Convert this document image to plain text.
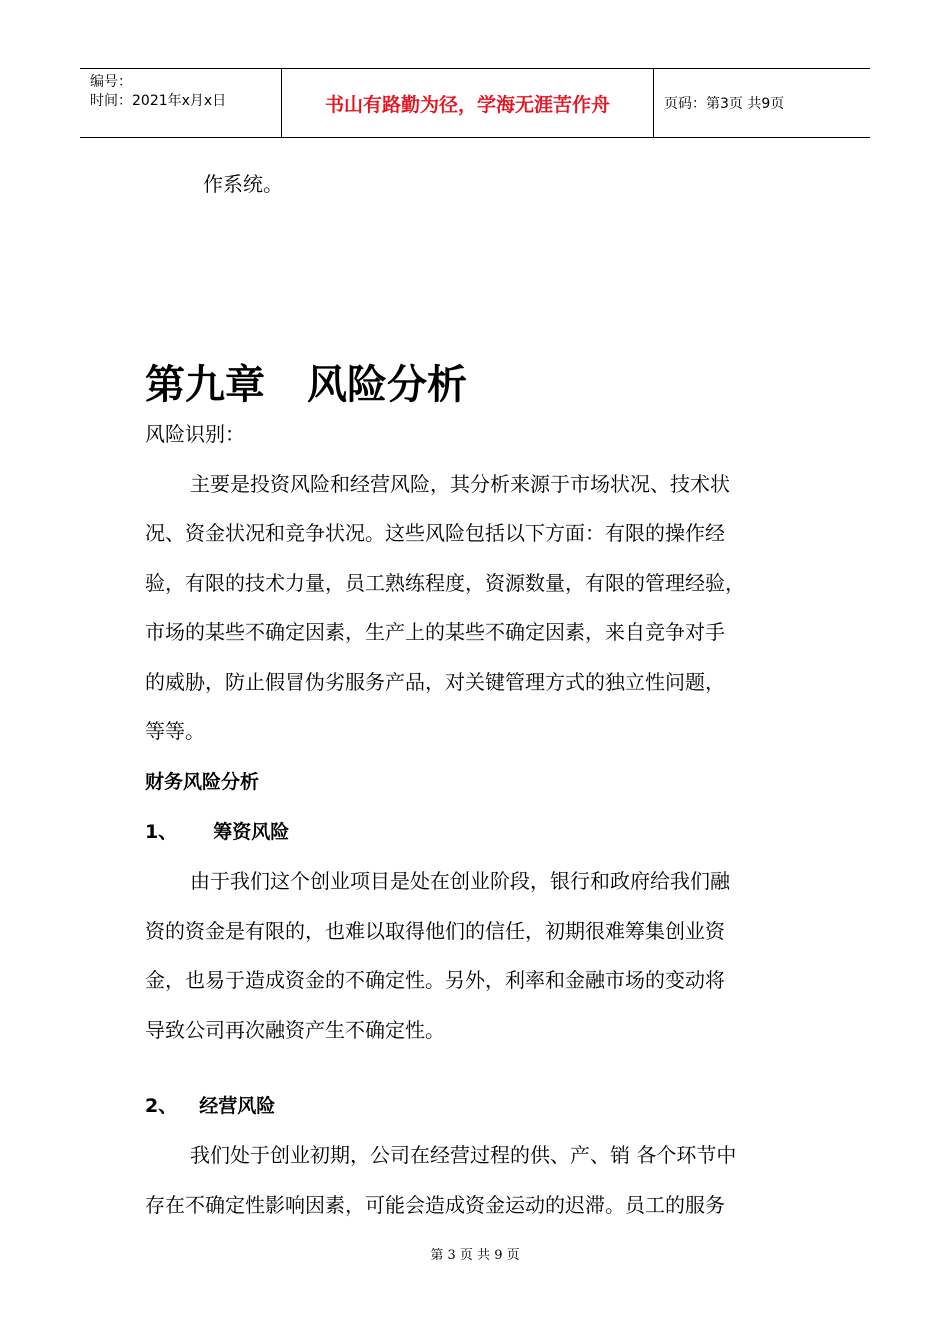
编号：
时间：2021年x月x日	书山有路勤为径，学海无涯苦作舟	页码：第3页 共9页
作系统。
第九章 风险分析
风险识别：
主要是投资风险和经营风险，其分析来源于市场状况、技术状
况、资金状况和竞争状况。这些风险包括以下方面：有限的操作经
验，有限的技术力量，员工熟练程度，资源数量，有限的管理经验，
市场的某些不确定因素，生产上的某些不确定因素，来自竞争对手
的威胁，防止假冒伪劣服务产品，对关键管理方式的独立性问题，
等等。
财务风险分析
1、 筹资风险
由于我们这个创业项目是处在创业阶段，银行和政府给我们融
资的资金是有限的，也难以取得他们的信任，初期很难筹集创业资
金，也易于造成资金的不确定性。另外，利率和金融市场的变动将
导致公司再次融资产生不确定性。
2、 经营风险
我们处于创业初期，公司在经营过程的供、产、销 各个环节中
存在不确定性影响因素，可能会造成资金运动的迟滞。员工的服务
第 3 页 共 9 页
